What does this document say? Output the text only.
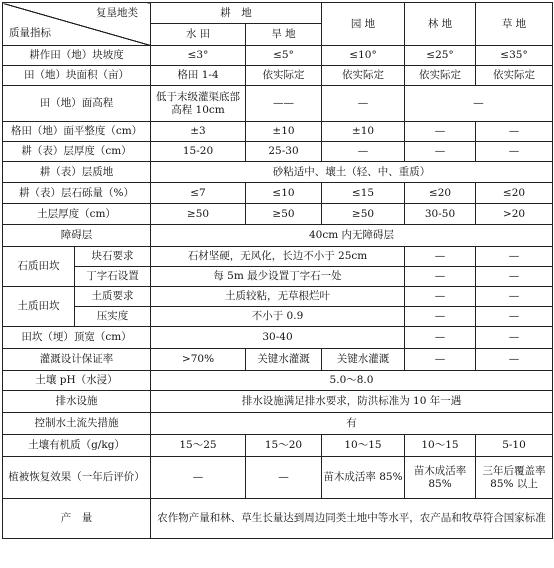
复垦地类
质量指标		耕　地		园 地	林 地	草 地
		水 田	旱 地			
耕作田（地）块坡度		≤3°	≤5°	≤10°	≤25°	≤35°
田（地）块面积（亩）		格田 1-4	依实际定	依实际定	依实际定	依实际定
田（地）面高程		低于末级灌渠底部高程 10cm	——	—	—	
格田（地）面平整度（cm）		±3	±10	±10	—	—
耕（表）层厚度（cm）		15-20	25-30	—	—	—
耕（表）层质地		砂粘适中、壤土（轻、中、重质）				
耕（表）层石砾量（%）		≤7	≤10	≤15	≤20	≤20
土层厚度（cm）		≥50	≥50	≥50	30-50	>20
障碍层		40cm 内无障碍层				
石质田坎	块石要求	石材坚硬，无风化，长边不小于 25cm			—	—
	丁字石设置	每 5m 最少设置丁字石一处			—	—
土质田坎	土质要求	土质较粘，无草根烂叶			—	—
	压实度	不小于 0.9			—	—
田坎（埂）顶宽（cm）		30-40			—	—
灌溉设计保证率		>70%	关键水灌溉	关键水灌溉	—	—
土壤 pH（水浸）		5.0～8.0				
排水设施		排水设施满足排水要求，防洪标准为 10 年一遇				
控制水土流失措施		有				
土壤有机质（g/kg）		15～25	15～20	10～15	10～15	5-10
植被恢复效果（一年后评价）		—	—	苗木成活率 85%	苗木成活率 85%	三年后覆盖率 85% 以上
产　量		农作物产量和林、草生长量达到周边同类土地中等水平，农产品和牧草符合国家标准				
